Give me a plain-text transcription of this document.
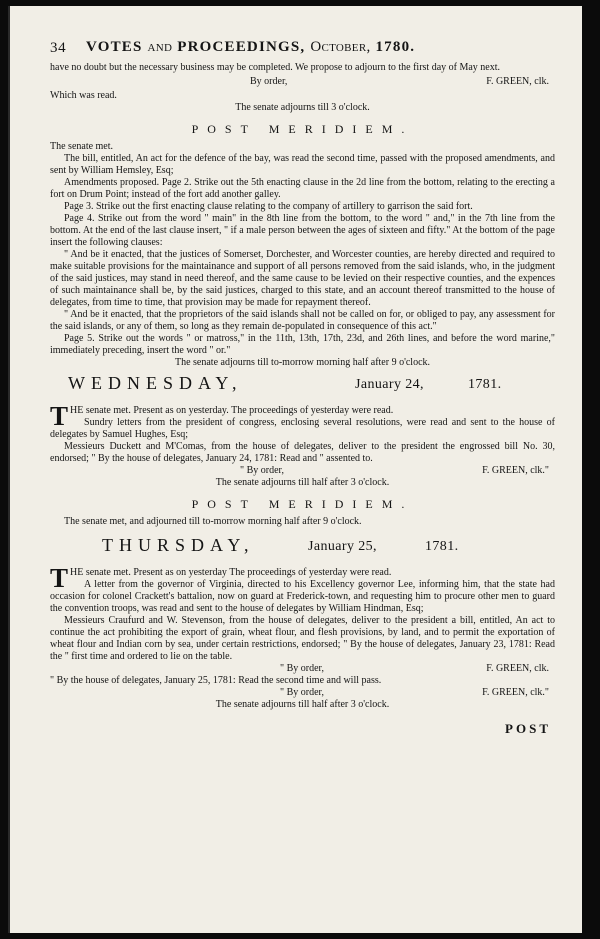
34 VOTES and PROCEEDINGS, October, 1780.

have no doubt but the necessary business may be completed. We propose to adjourn to the first day of May next.

By order,	F. GREEN, clk.

Which was read.

The senate adjourns till 3 o'clock.

POST MERIDIEM.

The senate met.

The bill, entitled, An act for the defence of the bay, was read the second time, passed with the proposed amendments, and sent by William Hemsley, Esq;

Amendments proposed. Page 2. Strike out the 5th enacting clause in the 2d line from the bottom, relating to the erecting a fort on Drum Point; instead of the fort add another galley.

Page 3. Strike out the first enacting clause relating to the company of artillery to garrison the said fort.

Page 4. Strike out from the word " main" in the 8th line from the bottom, to the word " and," in the 7th line from the bottom. At the end of the last clause insert, " if a male person between the ages of sixteen and fifty." At the bottom of the page insert the following clauses:

" And be it enacted, that the justices of Somerset, Dorchester, and Worcester counties, are hereby directed and required to make suitable provisions for the maintainance and support of all persons removed from the said islands, who, in the judgment of the said justices, may stand in need thereof, and the same cause to be levied on their respective counties, and the expences of such maintainance shall be, by the said justices, charged to this state, and an account thereof transmitted to the house of delegates, from time to time, that provision may be made for repayment thereof.

" And be it enacted, that the proprietors of the said islands shall not be called on for, or obliged to pay, any assessment for the said islands, or any of them, so long as they remain de-populated in consequence of this act."

Page 5. Strike out the words " or matross," in the 11th, 13th, 17th, 23d, and 26th lines, and before the word marine," immediately preceding, insert the word " or."

The senate adjourns till to-morrow morning half after 9 o'clock.

WEDNESDAY,	January 24,	1781.
T HE senate met. Present as on yesterday. The proceedings of yesterday were read.

Sundry letters from the president of congress, enclosing several resolutions, were read and sent to the house of delegates by Samuel Hughes, Esq;

Messieurs Duckett and M'Comas, from the house of delegates, deliver to the president the engrossed bill No. 30, endorsed; " By the house of delegates, January 24, 1781: Read and " assented to.

" By order,	F. GREEN, clk."

The senate adjourns till half after 3 o'clock.

POST MERIDIEM.

The senate met, and adjourned till to-morrow morning half after 9 o'clock.

THURSDAY,	January 25,	1781.
T HE senate met. Present as on yesterday The proceedings of yesterday were read.

A letter from the governor of Virginia, directed to his Excellency governor Lee, informing him, that the state had occasion for colonel Crackett's battalion, now on guard at Frederick-town, and requesting him to procure other men to guard the convention troops, was read and sent to the house of delegates by William Hindman, Esq;

Messieurs Craufurd and W. Stevenson, from the house of delegates, deliver to the president a bill, entitled, An act to continue the act prohibiting the export of grain, wheat flour, and flesh provisions, by land, and to permit the exportation of wheat flour and Indian corn by sea, under certain restrictions, endorsed; " By the house of delegates, January 23, 1781: Read the " first time and ordered to lie on the table.

" By order,	F. GREEN, clk.

" By the house of delegates, January 25, 1781: Read the second time and will pass.

" By order,	F. GREEN, clk."

The senate adjourns till half after 3 o'clock.

POST
